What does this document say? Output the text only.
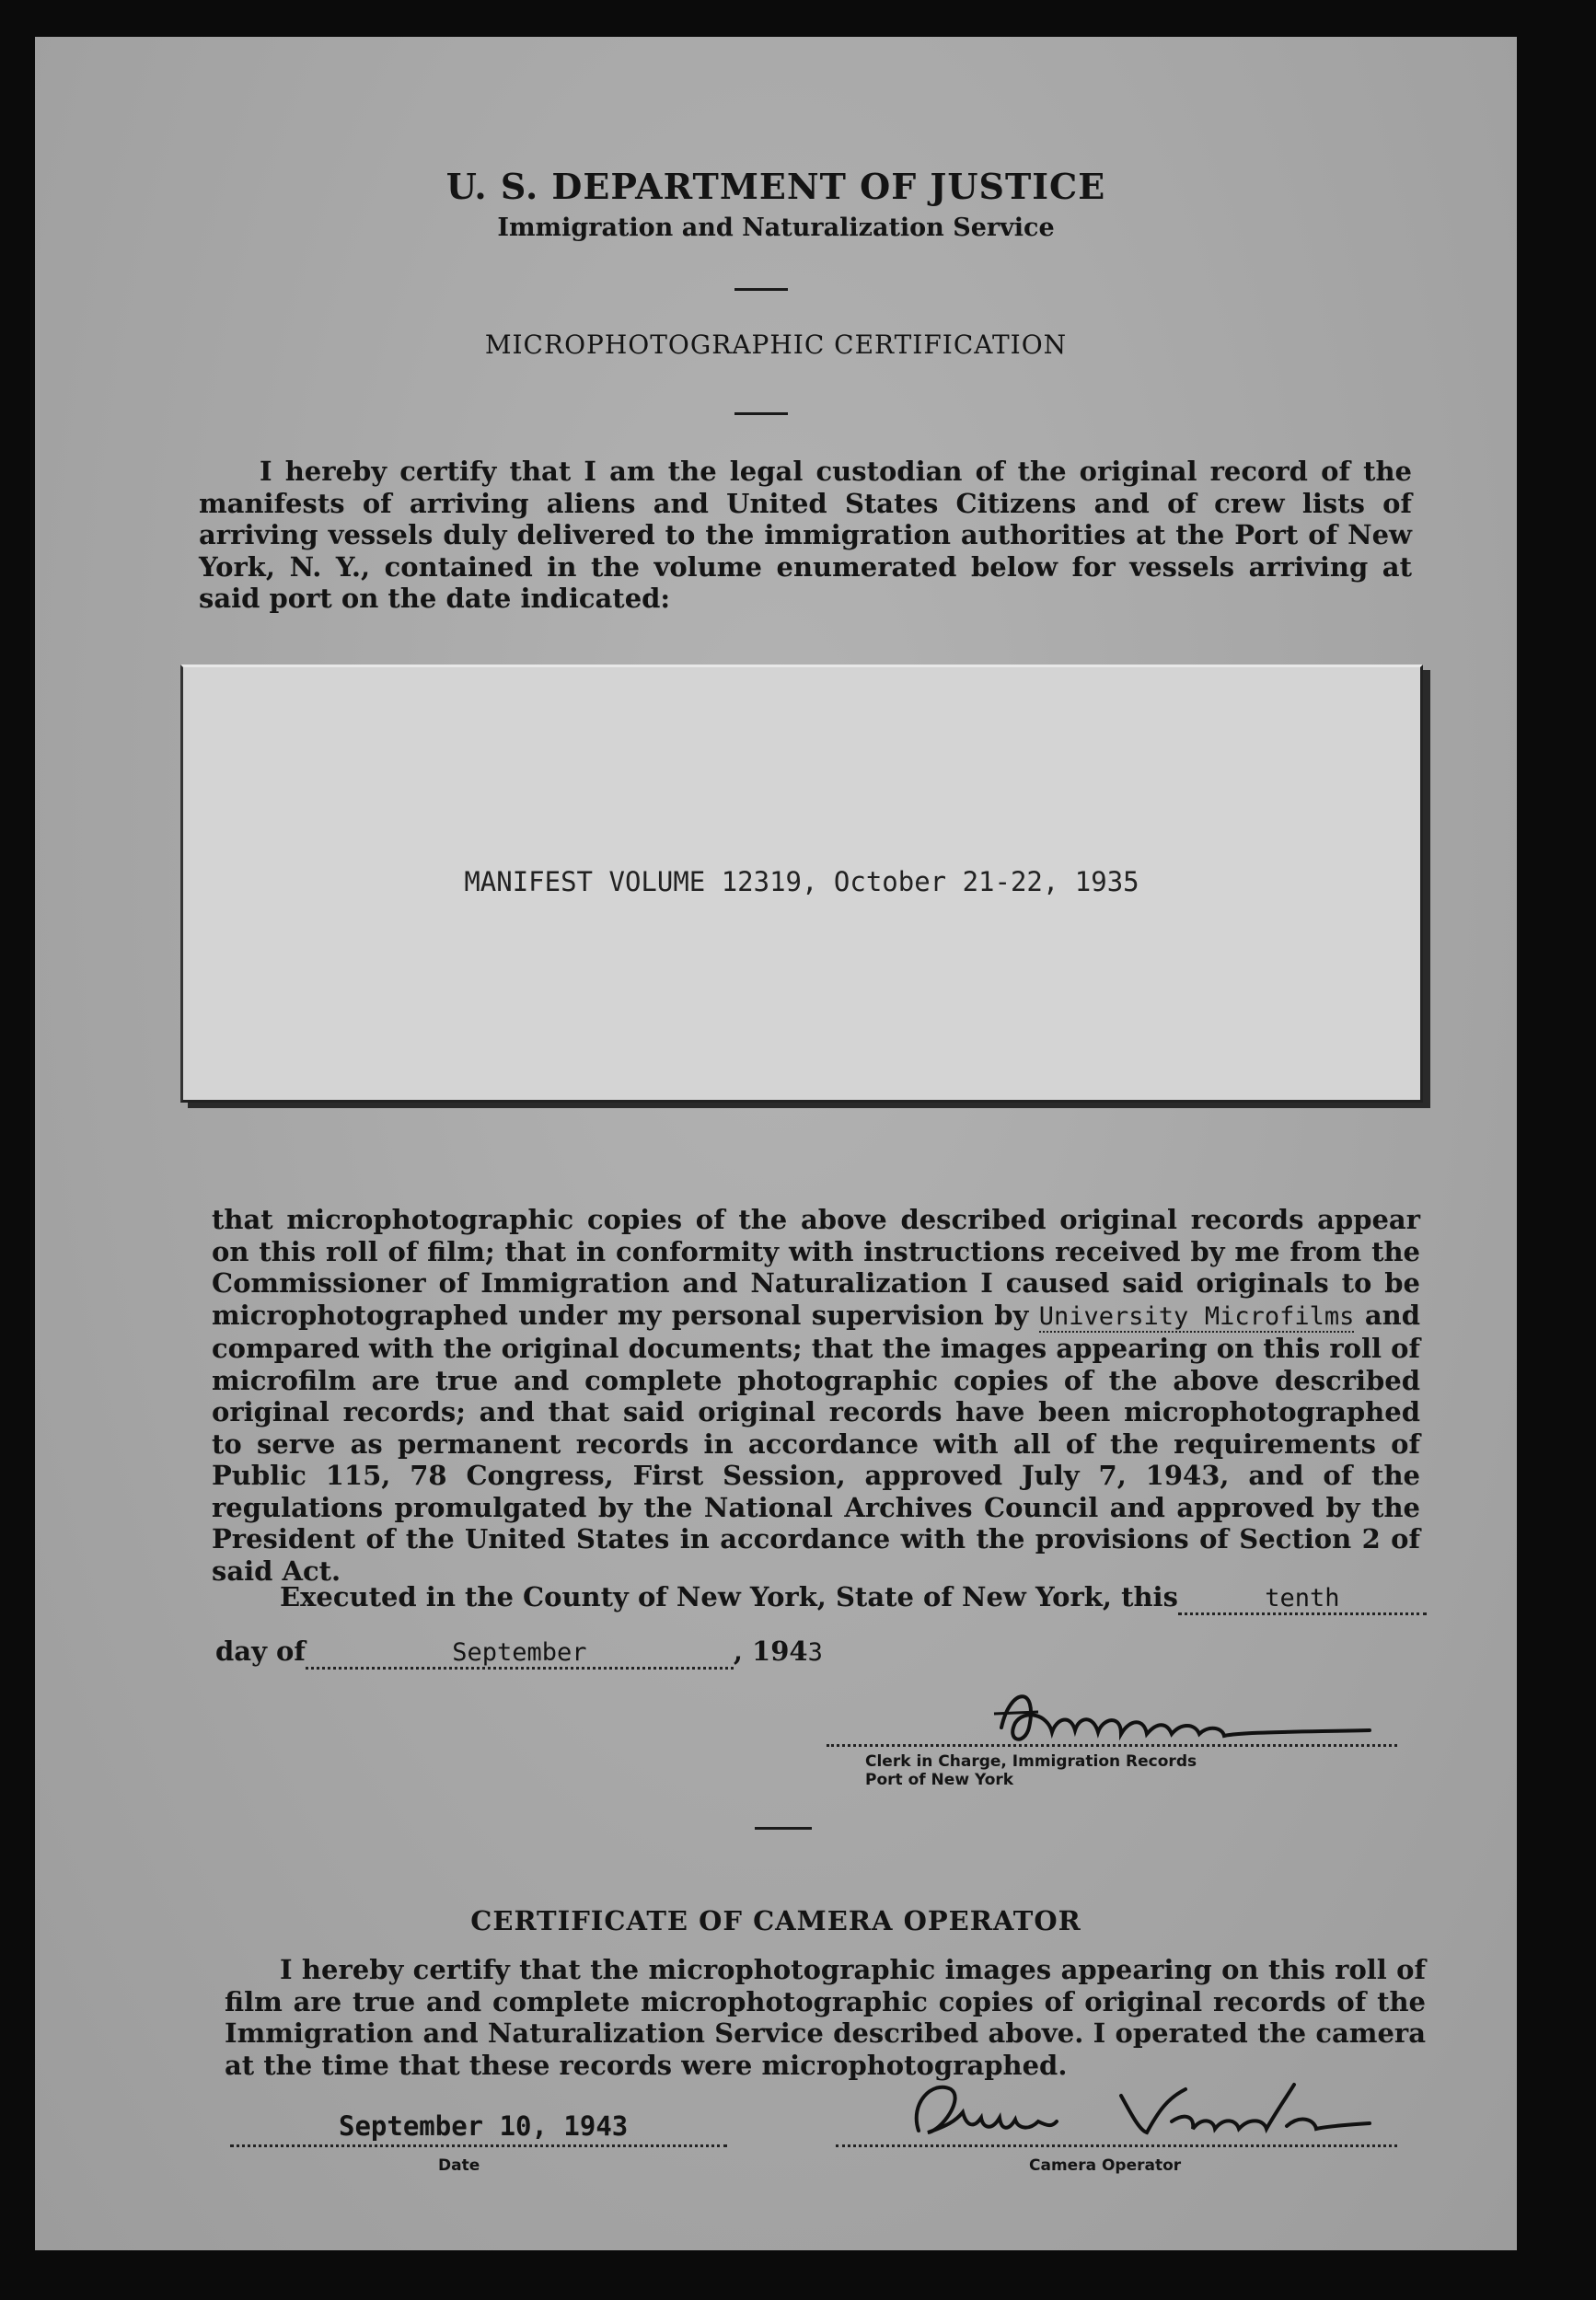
U. S. DEPARTMENT OF JUSTICE
Immigration and Naturalization Service
MICROPHOTOGRAPHIC CERTIFICATION
I hereby certify that I am the legal custodian of the original record of the manifests of arriving aliens and United States Citizens and of crew lists of arriving vessels duly delivered to the immigration authorities at the Port of New York, N. Y., contained in the volume enumerated below for vessels arriving at said port on the date indicated:
MANIFEST VOLUME 12319, October 21-22, 1935
that microphotographic copies of the above described original records appear on this roll of film; that in conformity with instructions received by me from the Commissioner of Immigration and Naturalization I caused said originals to be microphotographed under my personal supervision by University Microfilms and compared with the original documents; that the images appearing on this roll of microfilm are true and complete photographic copies of the above described original records; and that said original records have been microphotographed to serve as permanent records in accordance with all of the requirements of Public 115, 78 Congress, First Session, approved July 7, 1943, and of the regulations promulgated by the National Archives Council and approved by the President of the United States in accordance with the provisions of Section 2 of said Act.
Executed in the County of New York, State of New York, this	tenth
day of	September	, 1943
Clerk in Charge, Immigration Records
Port of New York
CERTIFICATE OF CAMERA OPERATOR
I hereby certify that the microphotographic images appearing on this roll of film are true and complete microphotographic copies of original records of the Immigration and Naturalization Service described above. I operated the camera at the time that these records were microphotographed.
September 10, 1943
Date	Camera Operator
